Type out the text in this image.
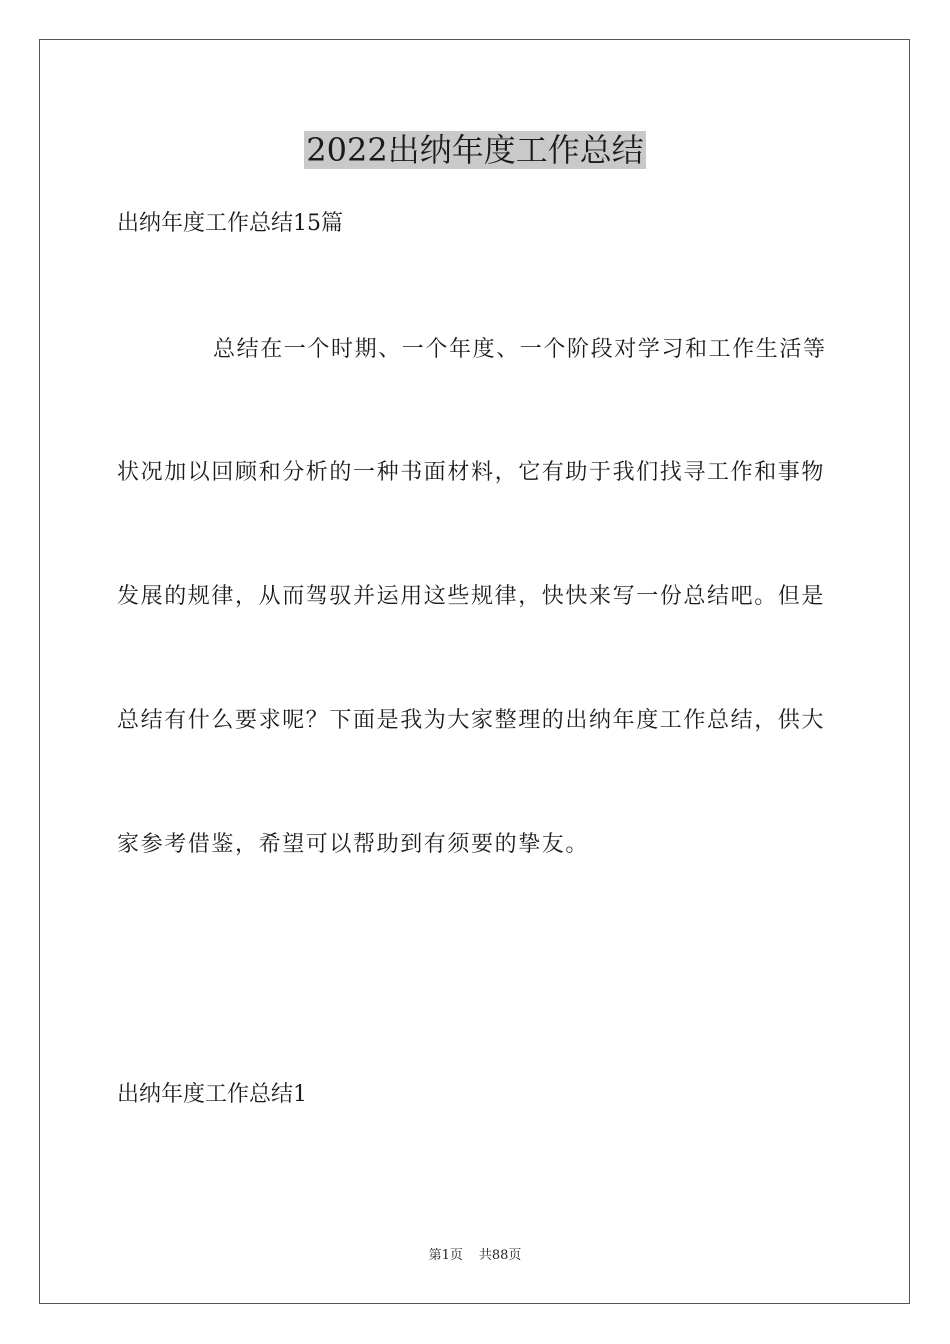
2022出纳年度工作总结
出纳年度工作总结15篇
总结在一个时期、一个年度、一个阶段对学习和工作生活等
状况加以回顾和分析的一种书面材料，它有助于我们找寻工作和事物
发展的规律，从而驾驭并运用这些规律，快快来写一份总结吧。但是
总结有什么要求呢？下面是我为大家整理的出纳年度工作总结，供大
家参考借鉴，希望可以帮助到有须要的挚友。
出纳年度工作总结1
第1页 共88页
